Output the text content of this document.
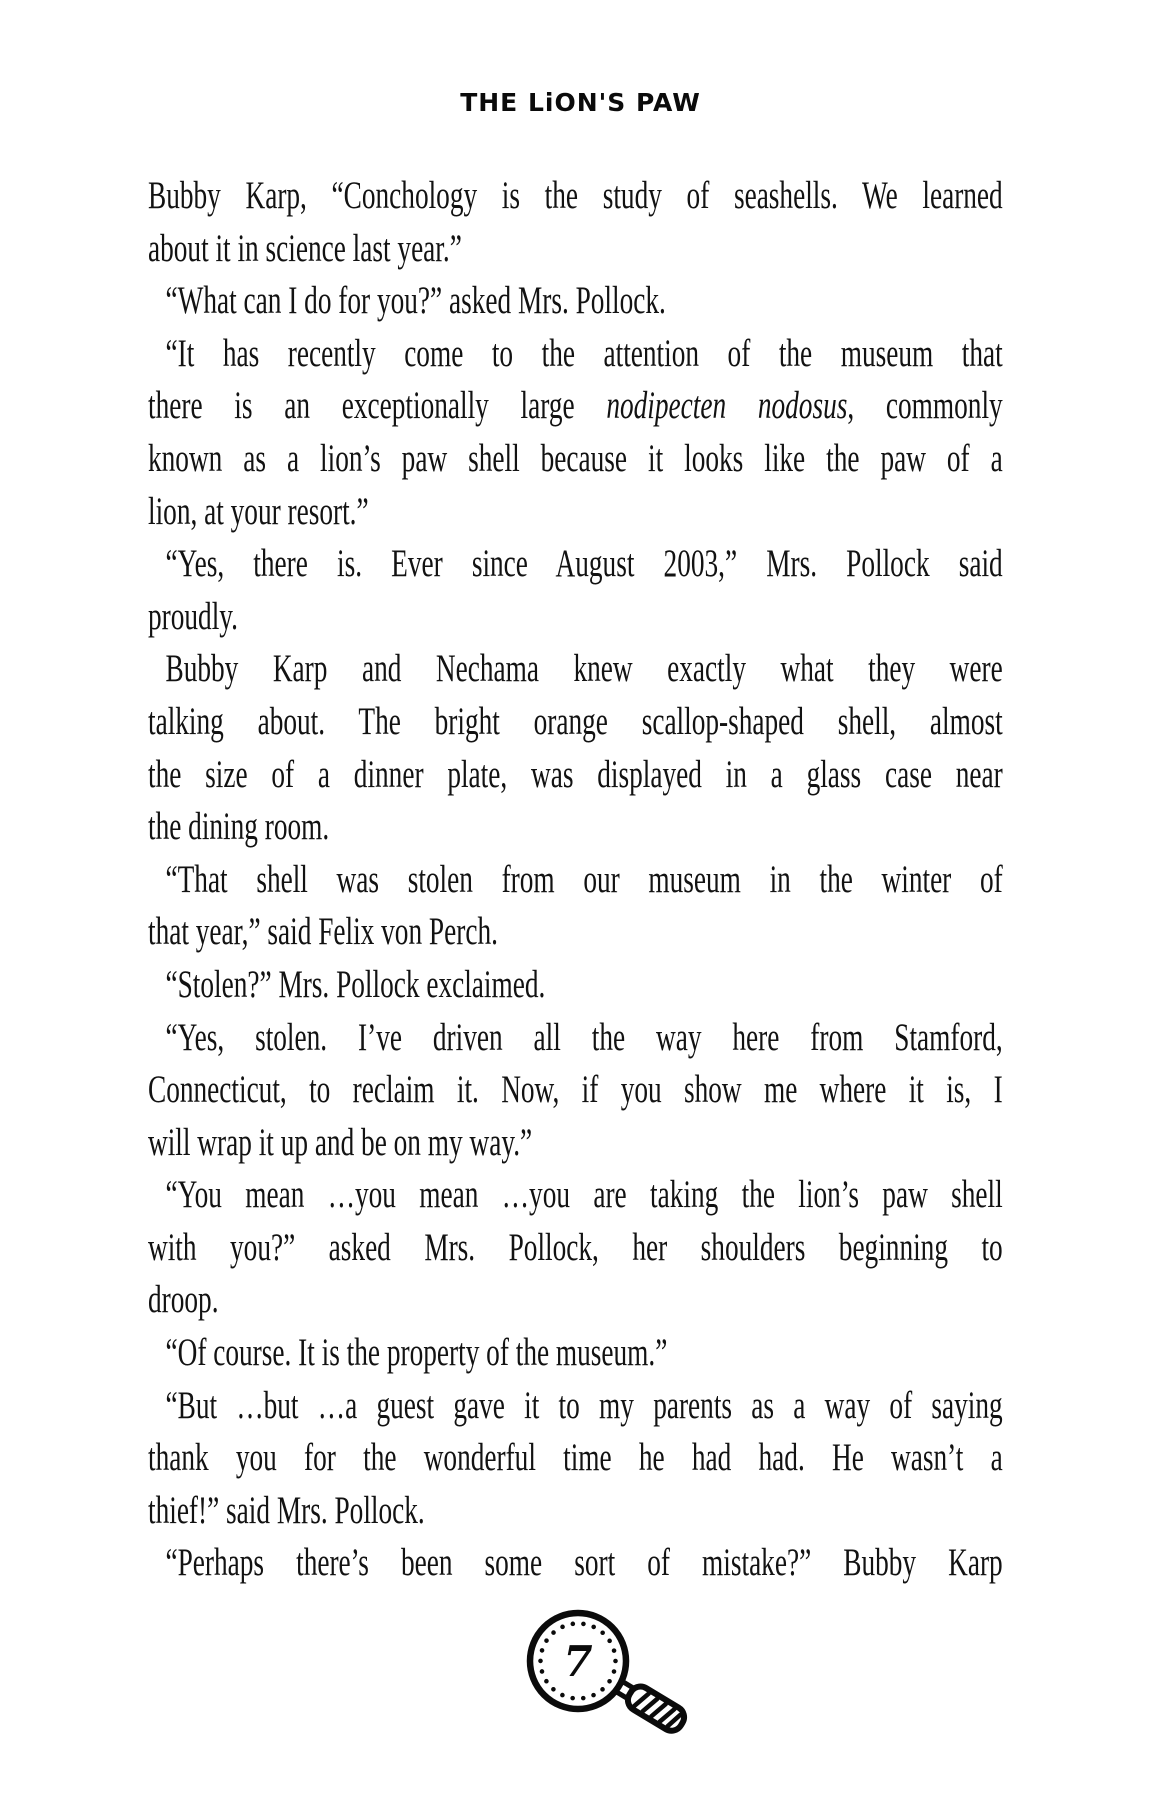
THE LiON'S PAW
Bubby Karp, “Conchology is the study of seashells. We learned
about it in science last year.”
“What can I do for you?” asked Mrs. Pollock.
“It has recently come to the attention of the museum that
there is an exceptionally large nodipecten nodosus, commonly
known as a lion’s paw shell because it looks like the paw of a
lion, at your resort.”
“Yes, there is. Ever since August 2003,” Mrs. Pollock said
proudly.
Bubby Karp and Nechama knew exactly what they were
talking about. The bright orange scallop-shaped shell, almost
the size of a dinner plate, was displayed in a glass case near
the dining room.
“That shell was stolen from our museum in the winter of
that year,” said Felix von Perch.
“Stolen?” Mrs. Pollock exclaimed.
“Yes, stolen. I’ve driven all the way here from Stamford,
Connecticut, to reclaim it. Now, if you show me where it is, I
will wrap it up and be on my way.”
“You mean …you mean …you are taking the lion’s paw shell
with you?” asked Mrs. Pollock, her shoulders beginning to
droop.
“Of course. It is the property of the museum.”
“But …but …a guest gave it to my parents as a way of saying
thank you for the wonderful time he had had. He wasn’t a
thief!” said Mrs. Pollock.
“Perhaps there’s been some sort of mistake?” Bubby Karp
7
